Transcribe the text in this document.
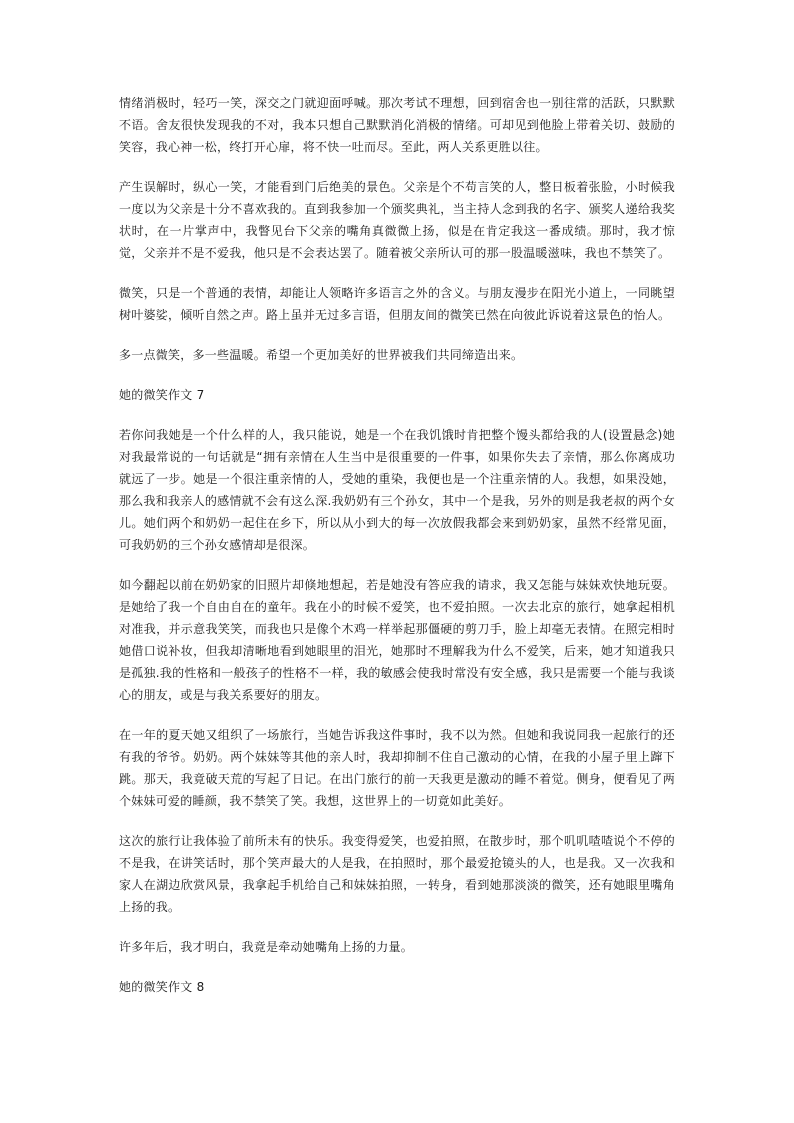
情绪消极时，轻巧一笑，深交之门就迎面呼喊。那次考试不理想，回到宿舍也一别往常的活跃，只默默不语。舍友很快发现我的不对，我本只想自己默默消化消极的情绪。可却见到他脸上带着关切、鼓励的笑容，我心神一松，终打开心扉，将不快一吐而尽。至此，两人关系更胜以往。

产生误解时，纵心一笑，才能看到门后绝美的景色。父亲是个不苟言笑的人，整日板着张脸，小时候我一度以为父亲是十分不喜欢我的。直到我参加一个颁奖典礼，当主持人念到我的名字、颁奖人递给我奖状时，在一片掌声中，我瞥见台下父亲的嘴角真微微上扬，似是在肯定我这一番成绩。那时，我才惊觉，父亲并不是不爱我，他只是不会表达罢了。随着被父亲所认可的那一股温暖滋味，我也不禁笑了。

微笑，只是一个普通的表情，却能让人领略许多语言之外的含义。与朋友漫步在阳光小道上，一同眺望树叶婆娑，倾听自然之声。路上虽并无过多言语，但朋友间的微笑已然在向彼此诉说着这景色的怡人。

多一点微笑，多一些温暖。希望一个更加美好的世界被我们共同缔造出来。

她的微笑作文 7

若你问我她是一个什么样的人，我只能说，她是一个在我饥饿时肯把整个馒头都给我的人(设置悬念)她对我最常说的一句话就是“拥有亲情在人生当中是很重要的一件事，如果你失去了亲情，那么你离成功就远了一步。她是一个很注重亲情的人，受她的重染，我便也是一个注重亲情的人。我想，如果没她，那么我和我亲人的感情就不会有这么深.我奶奶有三个孙女，其中一个是我，另外的则是我老叔的两个女儿。她们两个和奶奶一起住在乡下，所以从小到大的每一次放假我都会来到奶奶家，虽然不经常见面，可我奶奶的三个孙女感情却是很深。

如今翻起以前在奶奶家的旧照片却倏地想起，若是她没有答应我的请求，我又怎能与妹妹欢快地玩耍。是她给了我一个自由自在的童年。我在小的时候不爱笑，也不爱拍照。一次去北京的旅行，她拿起相机对准我，并示意我笑笑，而我也只是像个木鸡一样举起那僵硬的剪刀手，脸上却毫无表情。在照完相时她借口说补妆，但我却清晰地看到她眼里的泪光，她那时不理解我为什么不爱笑，后来，她才知道我只是孤独.我的性格和一般孩子的性格不一样，我的敏感会使我时常没有安全感，我只是需要一个能与我谈心的朋友，或是与我关系要好的朋友。

在一年的夏天她又组织了一场旅行，当她告诉我这件事时，我不以为然。但她和我说同我一起旅行的还有我的爷爷。奶奶。两个妹妹等其他的亲人时，我却抑制不住自己激动的心情，在我的小屋子里上蹿下跳。那天，我竟破天荒的写起了日记。在出门旅行的前一天我更是激动的睡不着觉。侧身，便看见了两个妹妹可爱的睡颜，我不禁笑了笑。我想，这世界上的一切竟如此美好。

这次的旅行让我体验了前所未有的快乐。我变得爱笑，也爱拍照，在散步时，那个叽叽喳喳说个不停的不是我，在讲笑话时，那个笑声最大的人是我，在拍照时，那个最爱抢镜头的人，也是我。又一次我和家人在湖边欣赏风景，我拿起手机给自己和妹妹拍照，一转身，看到她那淡淡的微笑，还有她眼里嘴角上扬的我。

许多年后，我才明白，我竟是牵动她嘴角上扬的力量。

她的微笑作文 8
